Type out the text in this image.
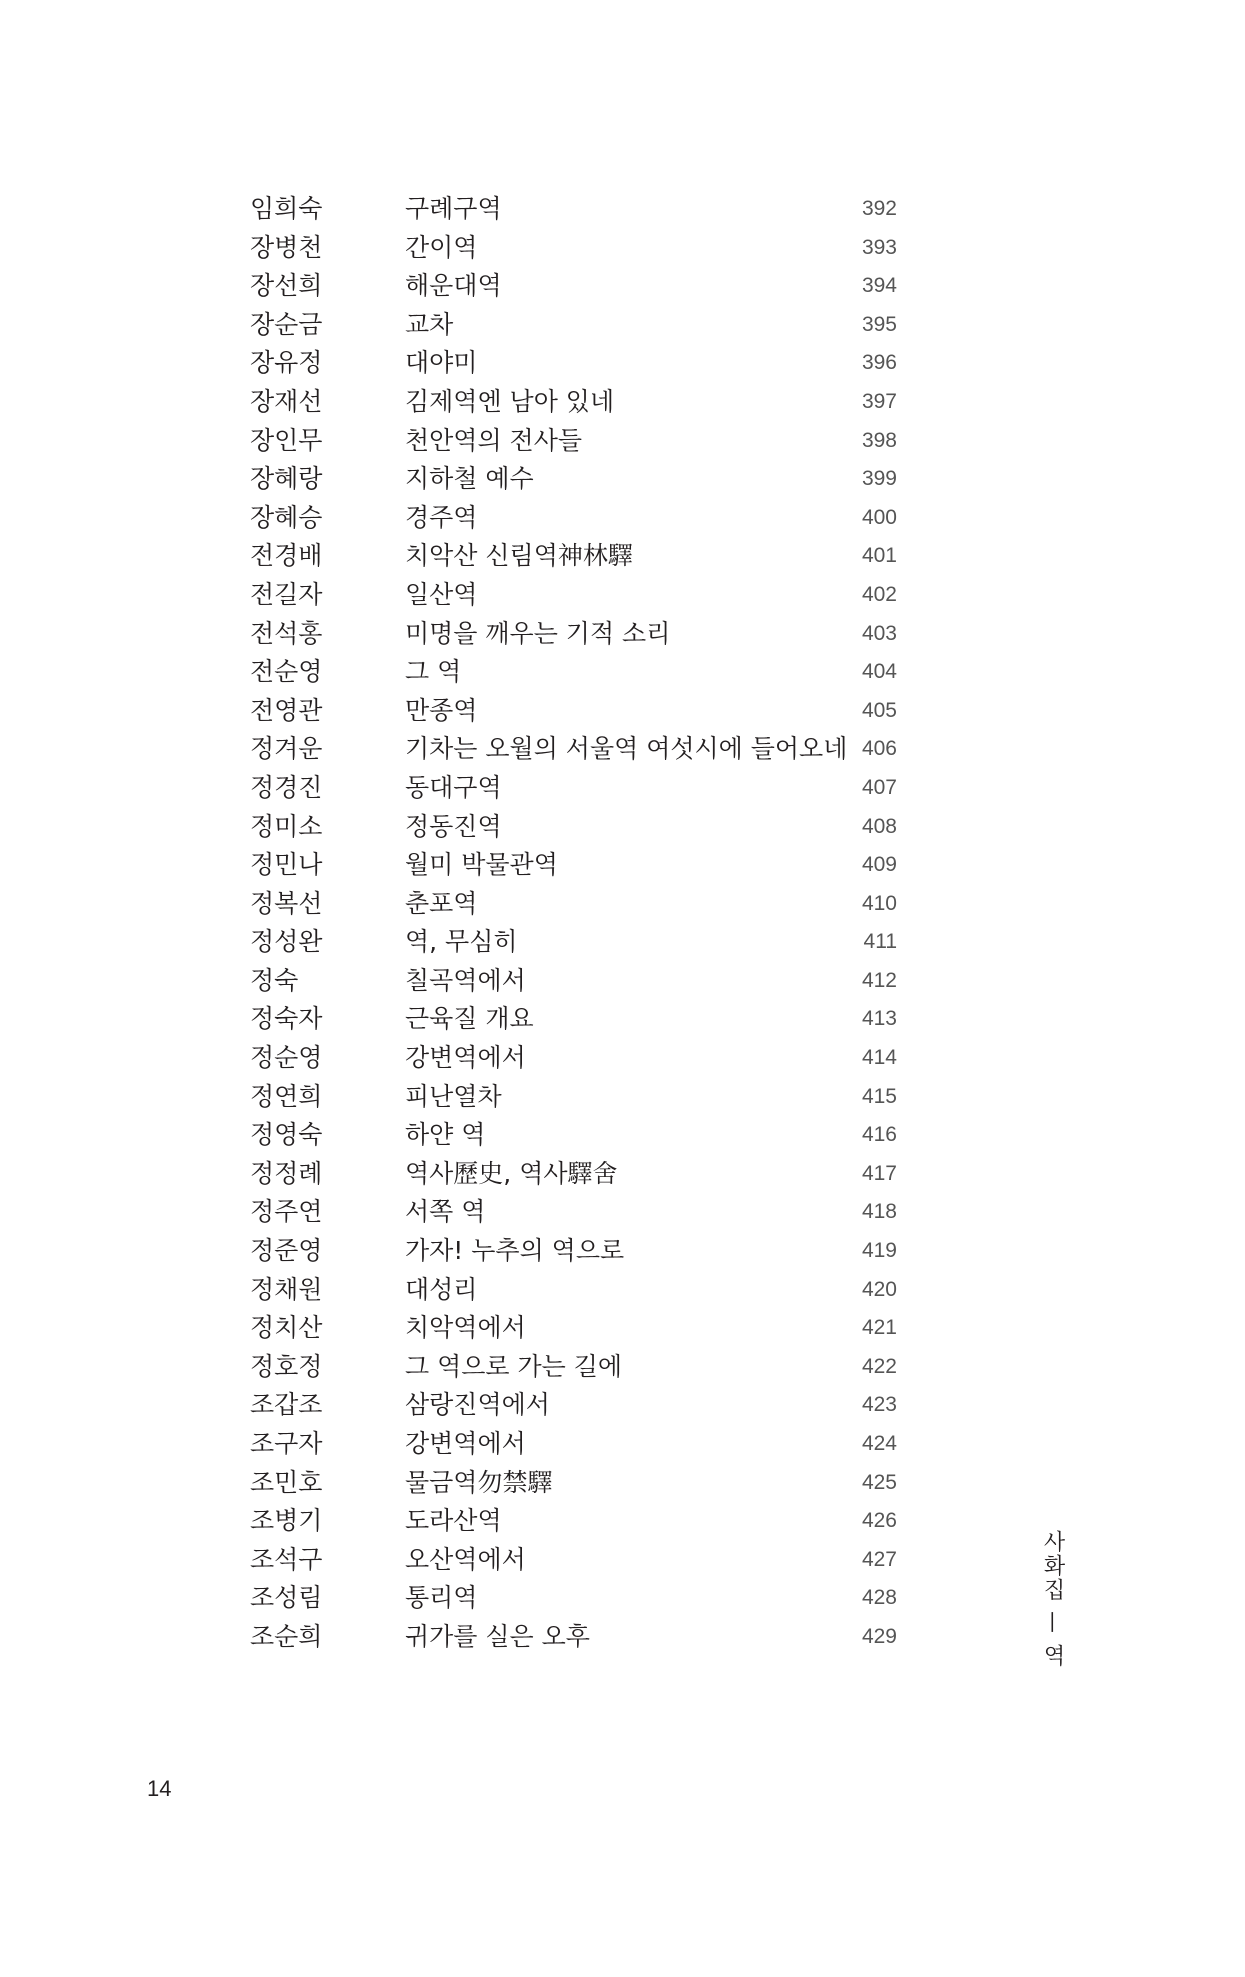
임희숙	구례구역	392
장병천	간이역	393
장선희	해운대역	394
장순금	교차	395
장유정	대야미	396
장재선	김제역엔 남아 있네	397
장인무	천안역의 전사들	398
장혜랑	지하철 예수	399
장혜승	경주역	400
전경배	치악산 신림역神林驛	401
전길자	일산역	402
전석홍	미명을 깨우는 기적 소리	403
전순영	그 역	404
전영관	만종역	405
정겨운	기차는 오월의 서울역 여섯시에 들어오네 406
정경진	동대구역	407
정미소	정동진역	408
정민나	월미 박물관역	409
정복선	춘포역	410
정성완	역, 무심히	411
정숙	칠곡역에서	412
정숙자	근육질 개요	413
정순영	강변역에서	414
정연희	피난열차	415
정영숙	하얀 역	416
정정례	역사歷史, 역사驛舍	417
정주연	서쪽 역	418
정준영	가자! 누추의 역으로	419
정채원	대성리	420
정치산	치악역에서	421
정호정	그 역으로 가는 길에	422
조갑조	삼랑진역에서	423
조구자	강변역에서	424
조민호	물금역勿禁驛	425
조병기	도라산역	426
조석구	오산역에서	427
조성림	통리역	428
조순희	귀가를 실은 오후	429	사화집 — 역
14
